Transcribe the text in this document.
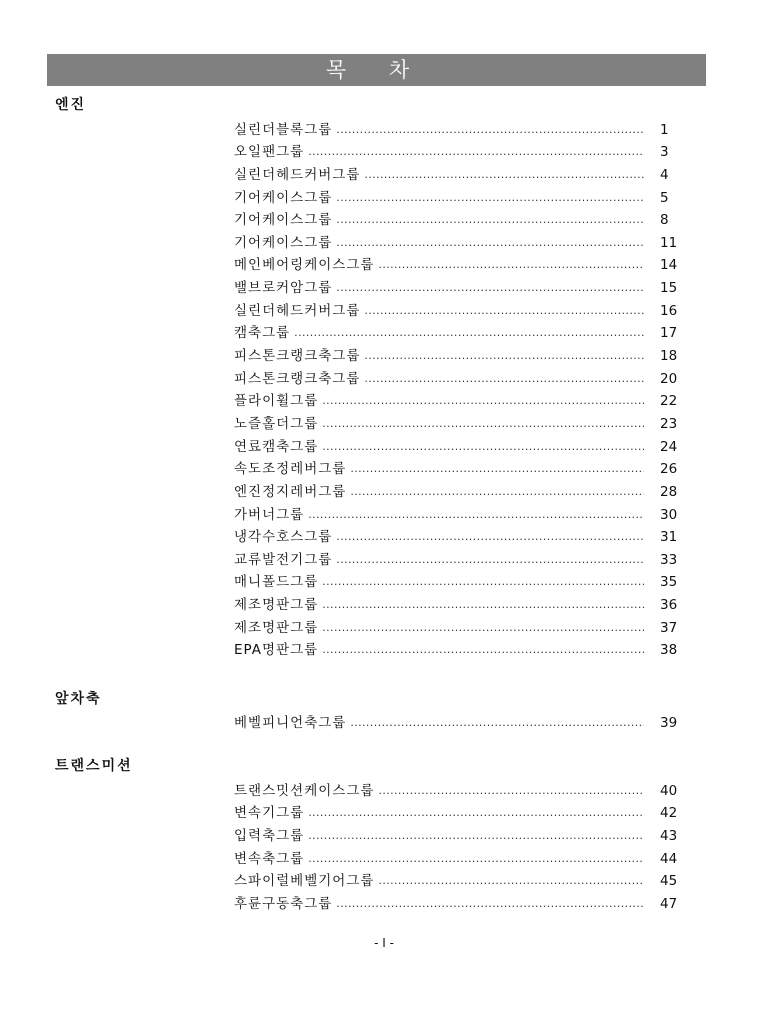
목 차
엔진
실린더블록그룹 .....	1
오일팬그룹 .....	3
실린더헤드커버그룹 .....	4
기어케이스그룹 .....	5
기어케이스그룹 .....	8
기어케이스그룹 .....	11
메인베어링케이스그룹 .....	14
밸브로커암그룹 .....	15
실린더헤드커버그룹 .....	16
캠축그룹 .....	17
피스톤크랭크축그룹 .....	18
피스톤크랭크축그룹 .....	20
플라이휠그룹 .....	22
노즐홀더그룹 .....	23
연료캠축그룹 .....	24
속도조정레버그룹 .....	26
엔진정지레버그룹 .....	28
가버너그룹 .....	30
냉각수호스그룹 .....	31
교류발전기그룹 .....	33
매니폴드그룹 .....	35
제조명판그룹 .....	36
제조명판그룹 .....	37
EPA명판그룹 .....	38
앞차축
베벨피니언축그룹 .....	39
트랜스미션
트랜스밋션케이스그룹 .....	40
변속기그룹 .....	42
입력축그룹 .....	43
변속축그룹 .....	44
스파이럴베벨기어그룹 .....	45
후륜구동축그룹 .....	47
- I -
